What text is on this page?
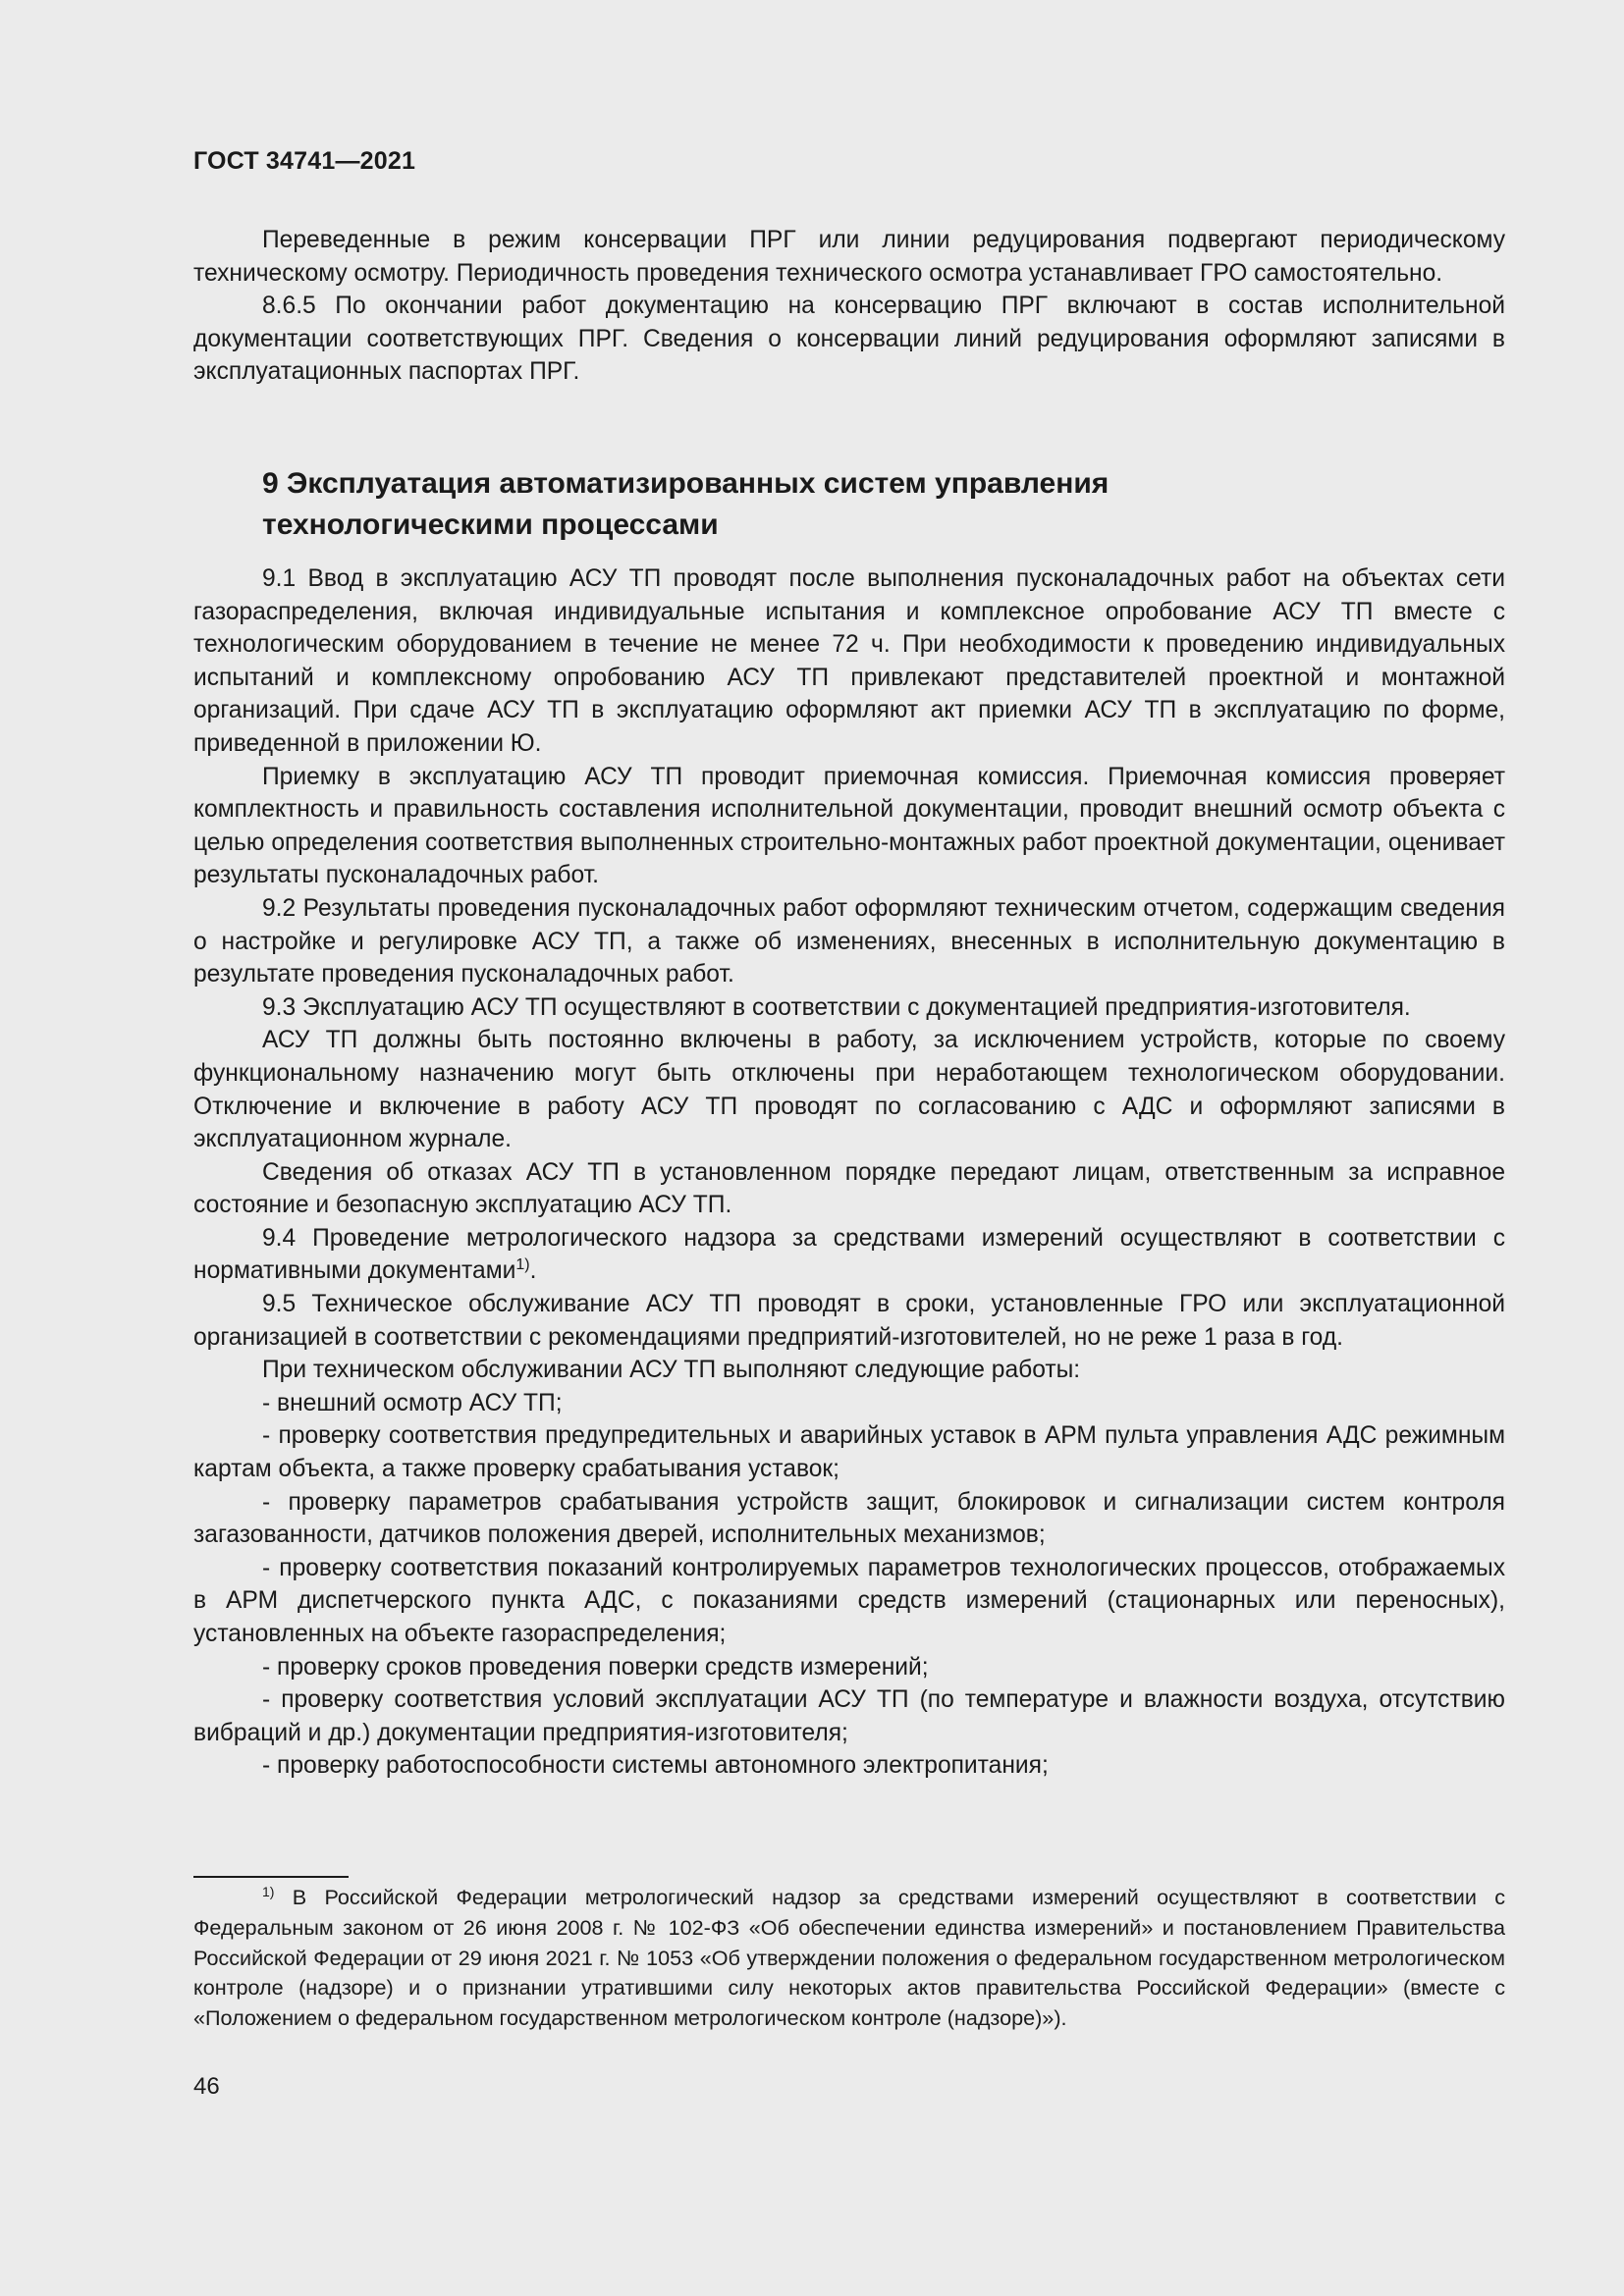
ГОСТ 34741—2021

Переведенные в режим консервации ПРГ или линии редуцирования подвергают периодическому техническому осмотру. Периодичность проведения технического осмотра устанавливает ГРО самостоятельно.

8.6.5 По окончании работ документацию на консервацию ПРГ включают в состав исполнительной документации соответствующих ПРГ. Сведения о консервации линий редуцирования оформляют записями в эксплуатационных паспортах ПРГ.

9 Эксплуатация автоматизированных систем управления
технологическими процессами

9.1 Ввод в эксплуатацию АСУ ТП проводят после выполнения пусконаладочных работ на объектах сети газораспределения, включая индивидуальные испытания и комплексное опробование АСУ ТП вместе с технологическим оборудованием в течение не менее 72 ч. При необходимости к проведению индивидуальных испытаний и комплексному опробованию АСУ ТП привлекают представителей проектной и монтажной организаций. При сдаче АСУ ТП в эксплуатацию оформляют акт приемки АСУ ТП в эксплуатацию по форме, приведенной в приложении Ю.

Приемку в эксплуатацию АСУ ТП проводит приемочная комиссия. Приемочная комиссия проверяет комплектность и правильность составления исполнительной документации, проводит внешний осмотр объекта с целью определения соответствия выполненных строительно-монтажных работ проектной документации, оценивает результаты пусконаладочных работ.

9.2 Результаты проведения пусконаладочных работ оформляют техническим отчетом, содержащим сведения о настройке и регулировке АСУ ТП, а также об изменениях, внесенных в исполнительную документацию в результате проведения пусконаладочных работ.

9.3 Эксплуатацию АСУ ТП осуществляют в соответствии с документацией предприятия-изготовителя.

АСУ ТП должны быть постоянно включены в работу, за исключением устройств, которые по своему функциональному назначению могут быть отключены при неработающем технологическом оборудовании. Отключение и включение в работу АСУ ТП проводят по согласованию с АДС и оформляют записями в эксплуатационном журнале.

Сведения об отказах АСУ ТП в установленном порядке передают лицам, ответственным за исправное состояние и безопасную эксплуатацию АСУ ТП.

9.4 Проведение метрологического надзора за средствами измерений осуществляют в соответствии с нормативными документами$^{1)}$.

9.5 Техническое обслуживание АСУ ТП проводят в сроки, установленные ГРО или эксплуатационной организацией в соответствии с рекомендациями предприятий-изготовителей, но не реже 1 раза в год.

При техническом обслуживании АСУ ТП выполняют следующие работы:

- внешний осмотр АСУ ТП;

- проверку соответствия предупредительных и аварийных уставок в АРМ пульта управления АДС режимным картам объекта, а также проверку срабатывания уставок;

- проверку параметров срабатывания устройств защит, блокировок и сигнализации систем контроля загазованности, датчиков положения дверей, исполнительных механизмов;

- проверку соответствия показаний контролируемых параметров технологических процессов, отображаемых в АРМ диспетчерского пункта АДС, с показаниями средств измерений (стационарных или переносных), установленных на объекте газораспределения;

- проверку сроков проведения поверки средств измерений;

- проверку соответствия условий эксплуатации АСУ ТП (по температуре и влажности воздуха, отсутствию вибраций и др.) документации предприятия-изготовителя;

- проверку работоспособности системы автономного электропитания;

$^{1)}$ В Российской Федерации метрологический надзор за средствами измерений осуществляют в соответствии с Федеральным законом от 26 июня 2008 г. № 102-ФЗ «Об обеспечении единства измерений» и постановлением Правительства Российской Федерации от 29 июня 2021 г. № 1053 «Об утверждении положения о федеральном государственном метрологическом контроле (надзоре) и о признании утратившими силу некоторых актов правительства Российской Федерации» (вместе с «Положением о федеральном государственном метрологическом контроле (надзоре)»).

46
